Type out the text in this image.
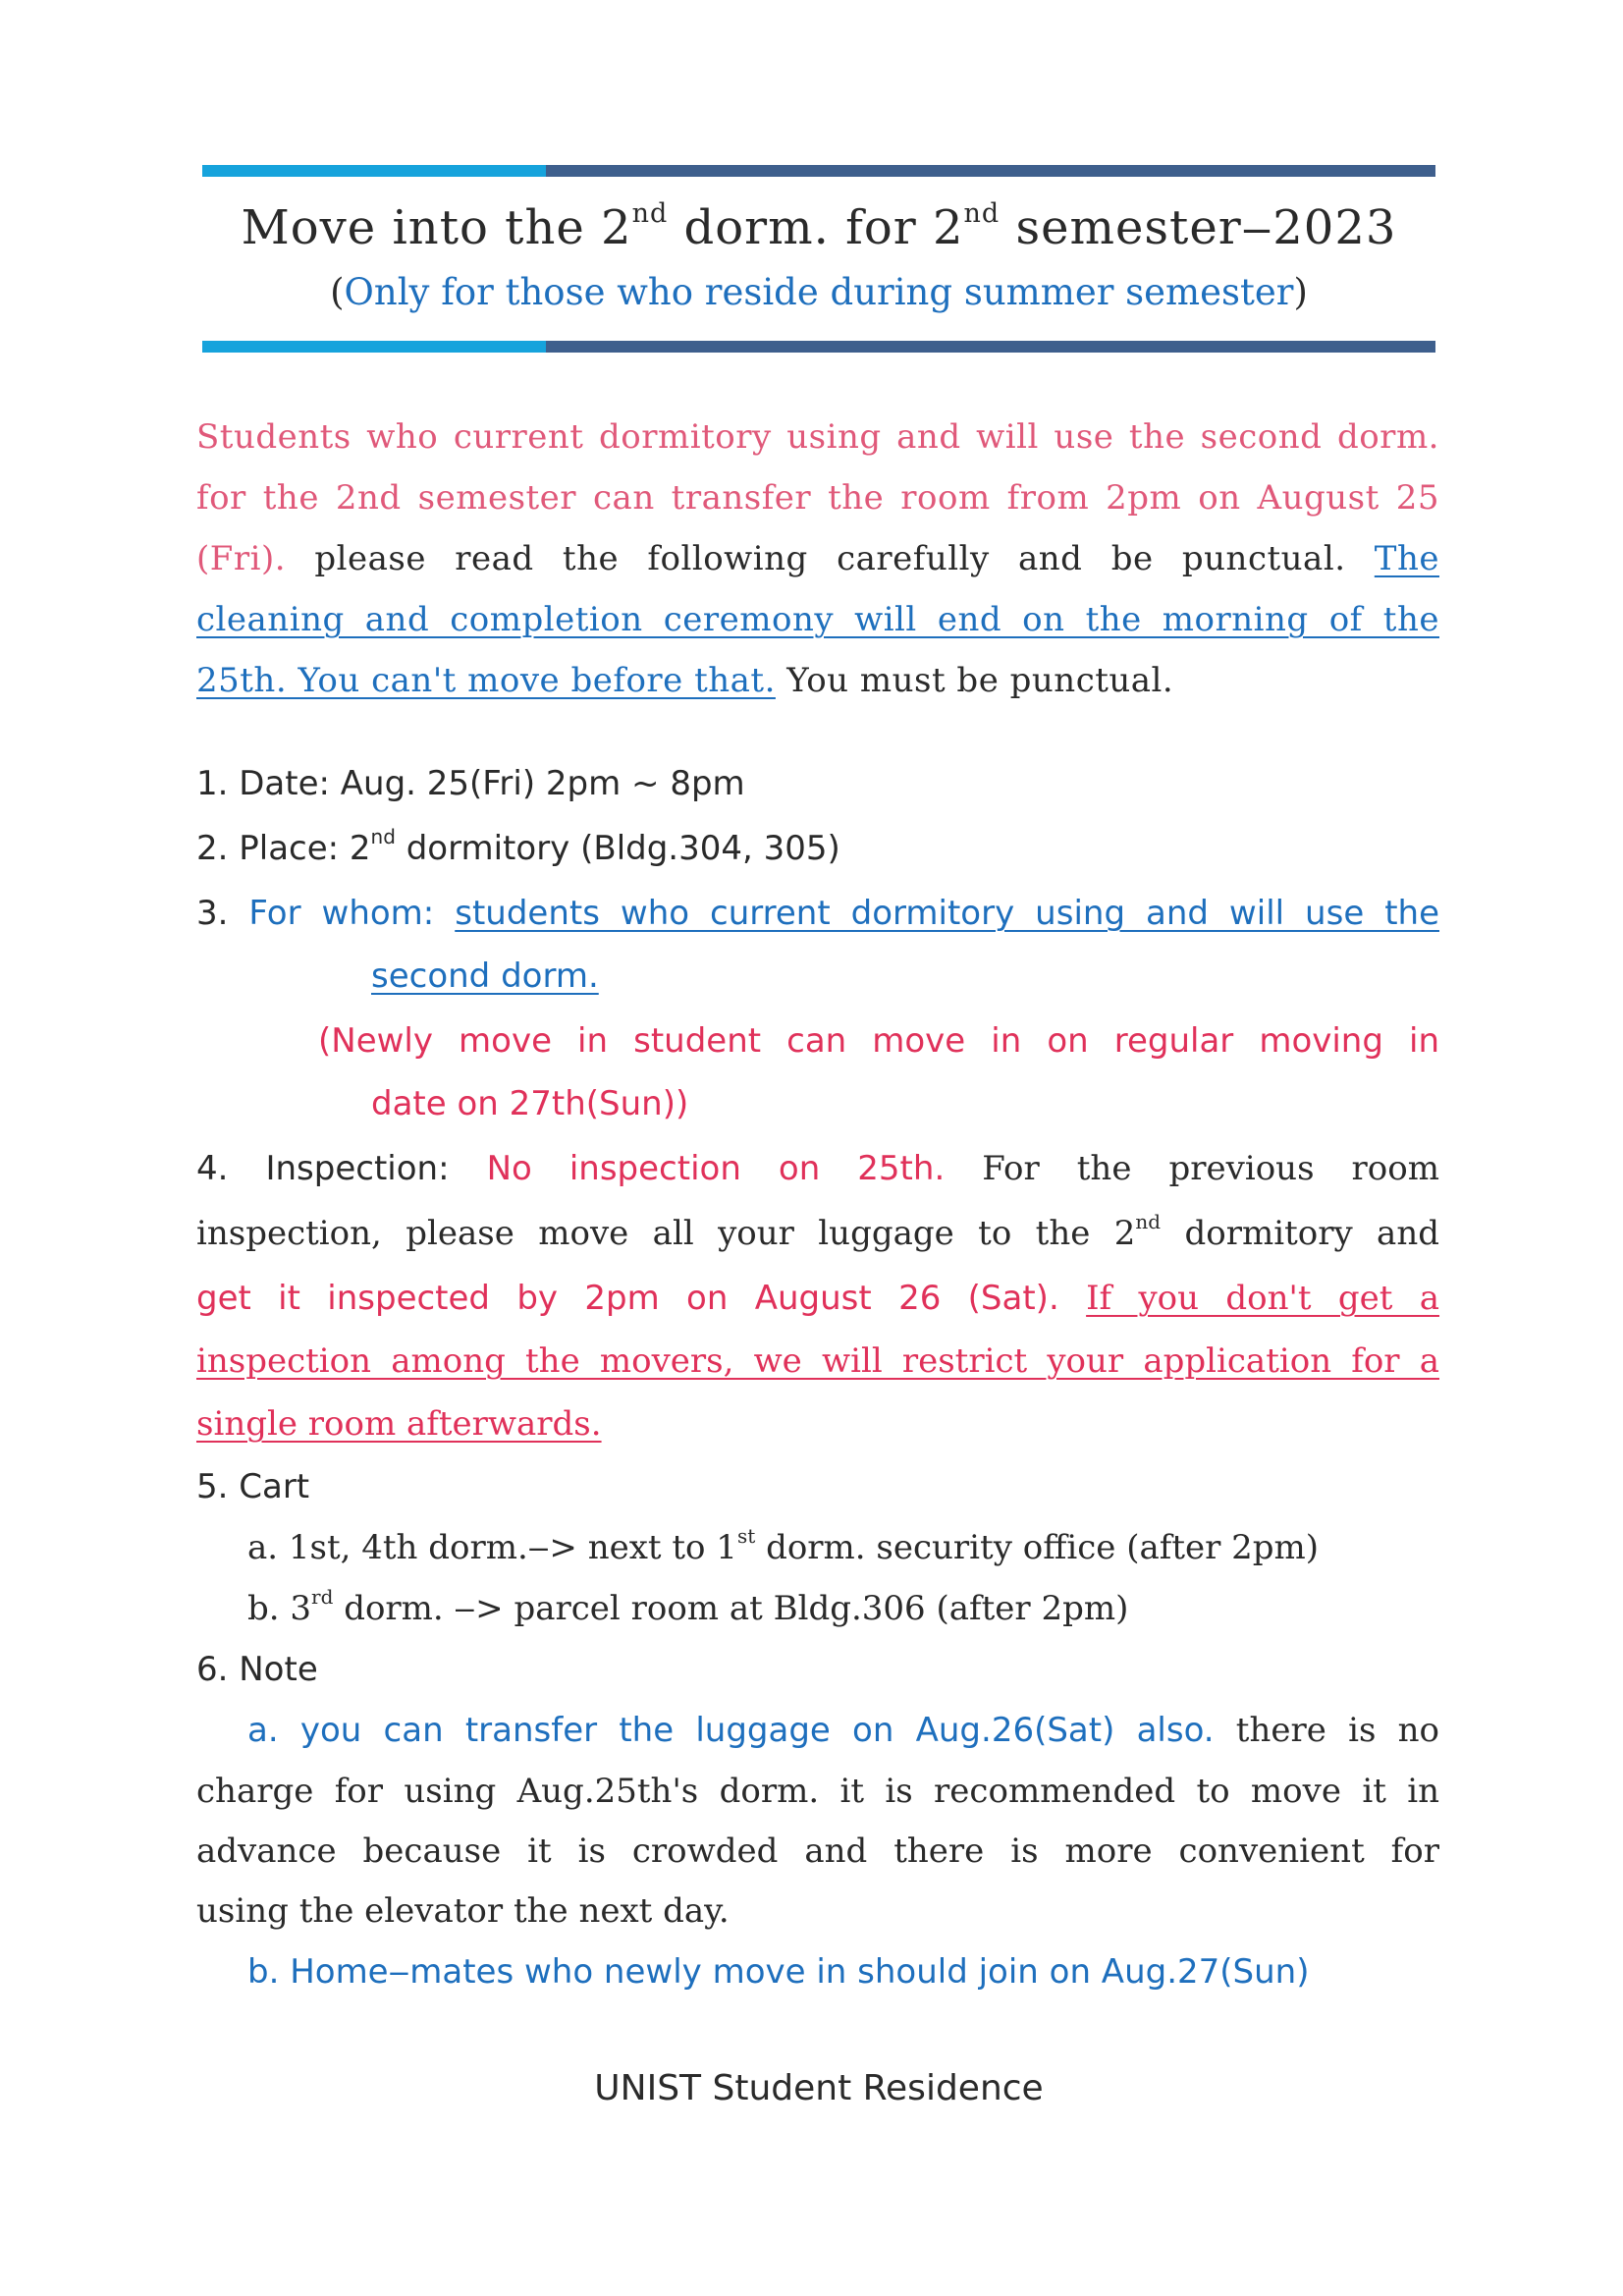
Move into the 2nd dorm. for 2nd semester‒2023
(Only for those who reside during summer semester)
Students who current dormitory using and will use the second dorm.
for the 2nd semester can transfer the room from 2pm on August 25
(Fri). please read the following carefully and be punctual. The
cleaning and completion ceremony will end on the morning of the
25th. You can't move before that. You must be punctual.
1. Date: Aug. 25(Fri) 2pm ~ 8pm
2. Place: 2nd dormitory (Bldg.304, 305)
3. For whom: students who current dormitory using and will use the
second dorm.
(Newly move in student can move in on regular moving in
date on 27th(Sun))
4. Inspection: No inspection on 25th. For the previous room
inspection, please move all your luggage to the 2nd dormitory and
get it inspected by 2pm on August 26 (Sat). If you don't get a
inspection among the movers, we will restrict your application for a
single room afterwards.
5. Cart
a. 1st, 4th dorm.‒> next to 1st dorm. security office (after 2pm)
b. 3rd dorm. ‒> parcel room at Bldg.306 (after 2pm)
6. Note
a. you can transfer the luggage on Aug.26(Sat) also. there is no
charge for using Aug.25th's dorm. it is recommended to move it in
advance because it is crowded and there is more convenient for
using the elevator the next day.
b. Home‒mates who newly move in should join on Aug.27(Sun)
UNIST Student Residence
